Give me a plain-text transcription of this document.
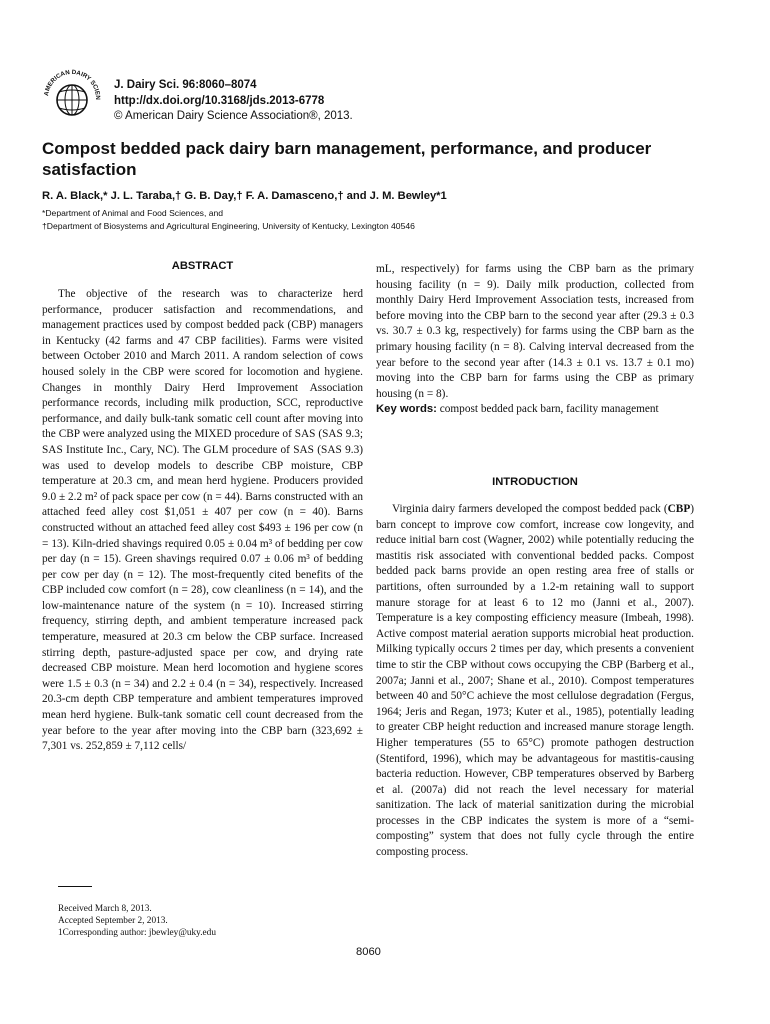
AMERICAN DAIRY SCIEN
J. Dairy Sci. 96:8060–8074
http://dx.doi.org/10.3168/jds.2013-6778
© American Dairy Science Association®, 2013.
Compost bedded pack dairy barn management, performance, and producer satisfaction
R. A. Black,* J. L. Taraba,† G. B. Day,† F. A. Damasceno,† and J. M. Bewley*1
*Department of Animal and Food Sciences, and
†Department of Biosystems and Agricultural Engineering, University of Kentucky, Lexington 40546
ABSTRACT

The objective of the research was to characterize herd performance, producer satisfaction and recommendations, and management practices used by compost bedded pack (CBP) managers in Kentucky (42 farms and 47 CBP facilities). Farms were visited between October 2010 and March 2011. A random selection of cows housed solely in the CBP were scored for locomotion and hygiene. Changes in monthly Dairy Herd Improvement Association performance records, including milk production, SCC, reproductive performance, and daily bulk-tank somatic cell count after moving into the CBP were analyzed using the MIXED procedure of SAS (SAS 9.3; SAS Institute Inc., Cary, NC). The GLM procedure of SAS (SAS 9.3) was used to develop models to describe CBP moisture, CBP temperature at 20.3 cm, and mean herd hygiene. Producers provided 9.0 ± 2.2 m² of pack space per cow (n = 44). Barns constructed with an attached feed alley cost $1,051 ± 407 per cow (n = 40). Barns constructed without an attached feed alley cost $493 ± 196 per cow (n = 13). Kiln-dried shavings required 0.05 ± 0.04 m³ of bedding per cow per day (n = 15). Green shavings required 0.07 ± 0.06 m³ of bedding per cow per day (n = 12). The most-frequently cited benefits of the CBP included cow comfort (n = 28), cow cleanliness (n = 14), and the low-maintenance nature of the system (n = 10). Increased stirring frequency, stirring depth, and ambient temperature increased pack temperature, measured at 20.3 cm below the CBP surface. Increased stirring depth, pasture-adjusted space per cow, and drying rate decreased CBP moisture. Mean herd locomotion and hygiene scores were 1.5 ± 0.3 (n = 34) and 2.2 ± 0.4 (n = 34), respectively. Increased 20.3-cm depth CBP temperature and ambient temperatures improved mean herd hygiene. Bulk-tank somatic cell count decreased from the year before to the year after moving into the CBP barn (323,692 ± 7,301 vs. 252,859 ± 7,112 cells/

mL, respectively) for farms using the CBP barn as the primary housing facility (n = 9). Daily milk production, collected from monthly Dairy Herd Improvement Association tests, increased from before moving into the CBP barn to the second year after (29.3 ± 0.3 vs. 30.7 ± 0.3 kg, respectively) for farms using the CBP barn as the primary housing facility (n = 8). Calving interval decreased from the year before to the second year after (14.3 ± 0.1 vs. 13.7 ± 0.1 mo) moving into the CBP barn for farms using the CBP as primary housing (n = 8).

Key words: compost bedded pack barn, facility management

INTRODUCTION

Virginia dairy farmers developed the compost bedded pack (CBP) barn concept to improve cow comfort, increase cow longevity, and reduce initial barn cost (Wagner, 2002) while potentially reducing the mastitis risk associated with conventional bedded packs. Compost bedded pack barns provide an open resting area free of stalls or partitions, often surrounded by a 1.2-m retaining wall to support manure storage for at least 6 to 12 mo (Janni et al., 2007). Temperature is a key composting efficiency measure (Imbeah, 1998). Active compost material aeration supports microbial heat production. Milking typically occurs 2 times per day, which presents a convenient time to stir the CBP without cows occupying the CBP (Barberg et al., 2007a; Janni et al., 2007; Shane et al., 2010). Compost temperatures between 40 and 50°C achieve the most cellulose degradation (Fergus, 1964; Jeris and Regan, 1973; Kuter et al., 1985), potentially leading to greater CBP height reduction and increased manure storage length. Higher temperatures (55 to 65°C) promote pathogen destruction (Stentiford, 1996), which may be advantageous for mastitis-causing bacteria reduction. However, CBP temperatures observed by Barberg et al. (2007a) did not reach the level necessary for material sanitization. The lack of material sanitization during the microbial processes in the CBP indicates the system is more of a “semi-composting” system that does not fully cycle through the entire composting process.

Received March 8, 2013.
Accepted September 2, 2013.
1Corresponding author: jbewley@uky.edu
8060
